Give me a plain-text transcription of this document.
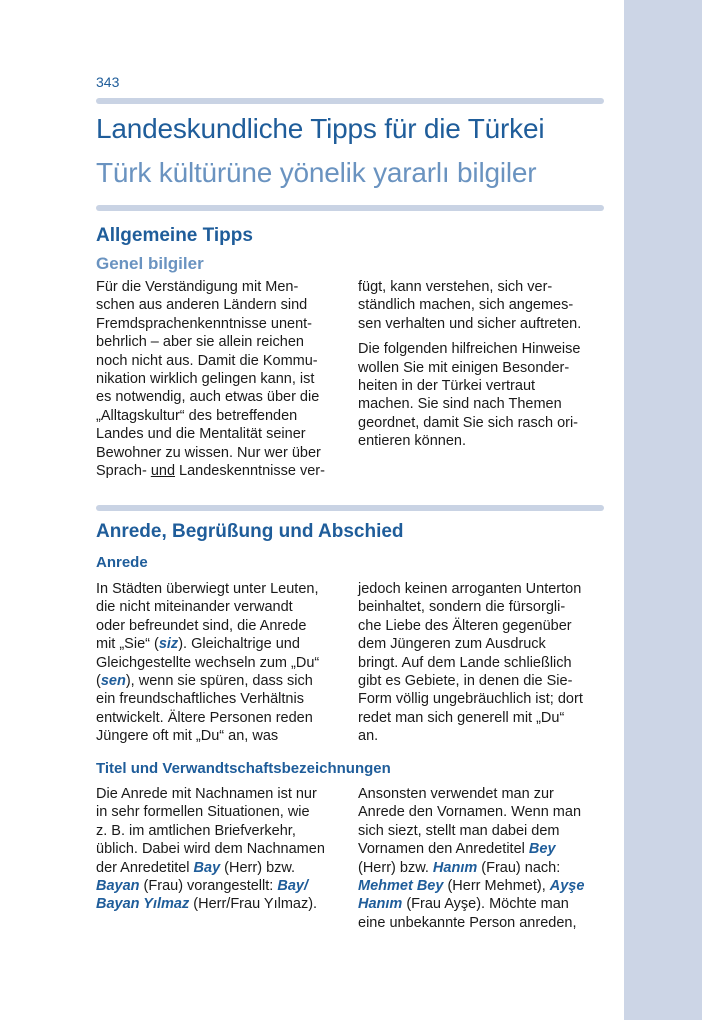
343
Landeskundliche Tipps für die Türkei
Türk kültürüne yönelik yararlı bilgiler
Allgemeine Tipps
Genel bilgiler
Für die Verständigung mit Men-
schen aus anderen Ländern sind
Fremdsprachenkenntnisse unent-
behrlich – aber sie allein reichen
noch nicht aus. Damit die Kommu-
nikation wirklich gelingen kann, ist
es notwendig, auch etwas über die
„Alltagskultur“ des betreffenden
Landes und die Mentalität seiner
Bewohner zu wissen. Nur wer über
Sprach- und Landeskenntnisse ver-

fügt, kann verstehen, sich ver-
ständlich machen, sich angemes-
sen verhalten und sicher auftreten.

Die folgenden hilfreichen Hinweise
wollen Sie mit einigen Besonder-
heiten in der Türkei vertraut
machen. Sie sind nach Themen
geordnet, damit Sie sich rasch ori-
entieren können.

Anrede, Begrüßung und Abschied
Anrede
In Städten überwiegt unter Leuten,
die nicht miteinander verwandt
oder befreundet sind, die Anrede
mit „Sie“ (siz). Gleichaltrige und
Gleichgestellte wechseln zum „Du“
(sen), wenn sie spüren, dass sich
ein freundschaftliches Verhältnis
entwickelt. Ältere Personen reden
Jüngere oft mit „Du“ an, was
jedoch keinen arroganten Unterton
beinhaltet, sondern die fürsorgli-
che Liebe des Älteren gegenüber
dem Jüngeren zum Ausdruck
bringt. Auf dem Lande schließlich
gibt es Gebiete, in denen die Sie-
Form völlig ungebräuchlich ist; dort
redet man sich generell mit „Du“
an.
Titel und Verwandtschaftsbezeichnungen
Die Anrede mit Nachnamen ist nur
in sehr formellen Situationen, wie
z. B. im amtlichen Briefverkehr,
üblich. Dabei wird dem Nachnamen
der Anredetitel Bay (Herr) bzw.
Bayan (Frau) vorangestellt: Bay/
Bayan Yılmaz (Herr/Frau Yılmaz).
Ansonsten verwendet man zur
Anrede den Vornamen. Wenn man
sich siezt, stellt man dabei dem
Vornamen den Anredetitel Bey
(Herr) bzw. Hanım (Frau) nach:
Mehmet Bey (Herr Mehmet), Ayşe
Hanım (Frau Ayşe). Möchte man
eine unbekannte Person anreden,
